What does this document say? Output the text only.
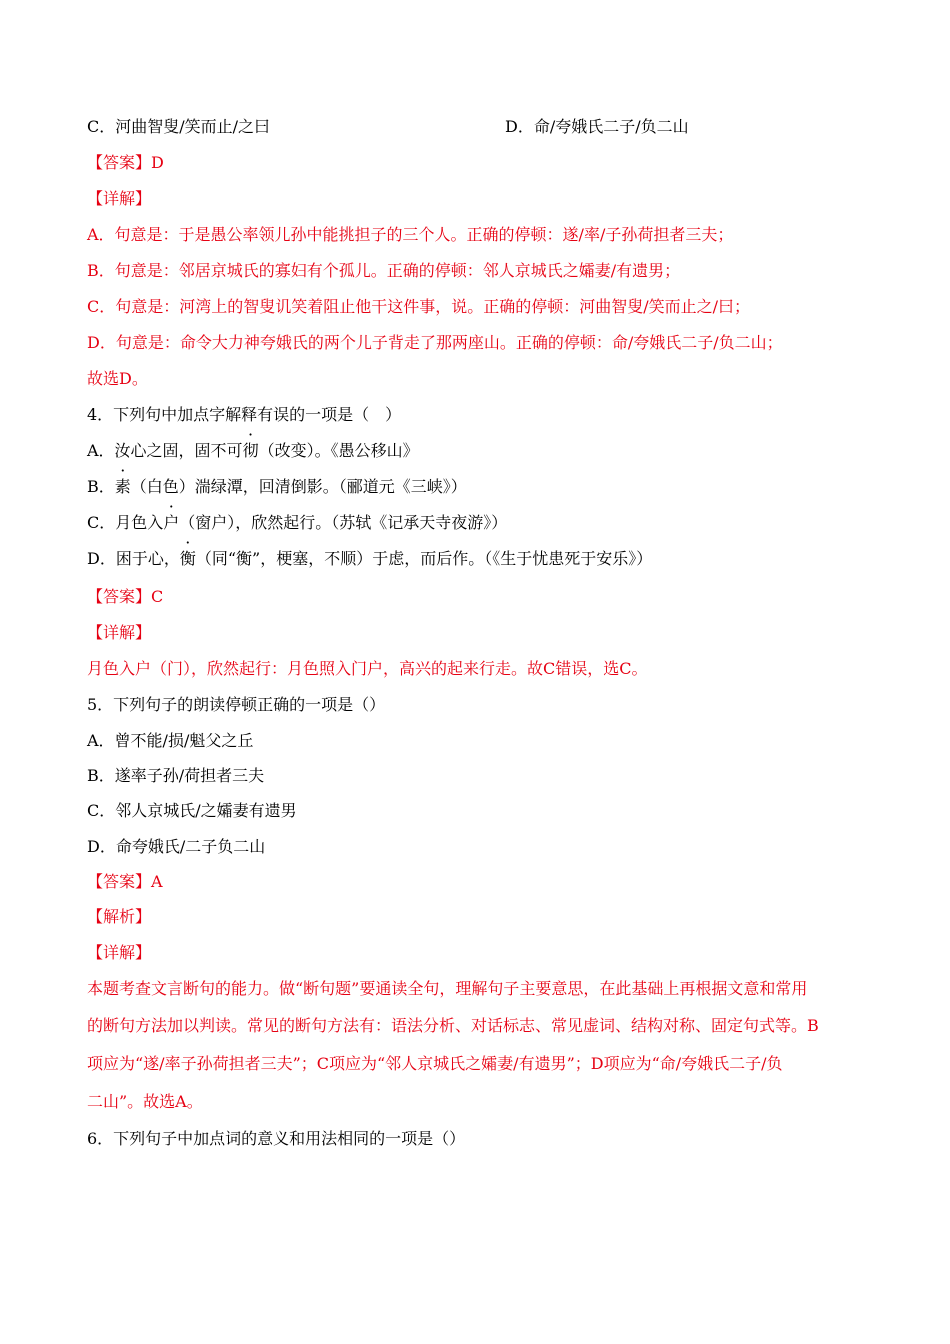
C．河曲智叟/笑而止/之曰	D．命/夸娥氏二子/负二山
【答案】D
【详解】
A．句意是：于是愚公率领儿孙中能挑担子的三个人。正确的停顿：遂/率/子孙荷担者三夫；
B．句意是：邻居京城氏的寡妇有个孤儿。正确的停顿：邻人京城氏之孀妻/有遗男；
C．句意是：河湾上的智叟讥笑着阻止他干这件事，说。正确的停顿：河曲智叟/笑而止之/曰；
D．句意是：命令大力神夸娥氏的两个儿子背走了那两座山。正确的停顿：命/夸娥氏二子/负二山；
故选D。
4．下列句中加点字解释有误的一项是（　）
A．汝心之固，固不可彻（改变）。《愚公移山》
B．素（白色）湍绿潭，回清倒影。（郦道元《三峡》）
C．月色入户（窗户），欣然起行。（苏轼《记承天寺夜游》）
D．困于心，衡（同“衡”，梗塞，不顺）于虑，而后作。（《生于忧患死于安乐》）
【答案】C
【详解】
月色入户（门），欣然起行：月色照入门户，高兴的起来行走。故C错误，选C。
5．下列句子的朗读停顿正确的一项是（）
A．曾不能/损/魁父之丘
B．遂率子孙/荷担者三夫
C．邻人京城氏/之孀妻有遗男
D．命夸娥氏/二子负二山
【答案】A
【解析】
【详解】
本题考查文言断句的能力。做“断句题”要通读全句，理解句子主要意思，在此基础上再根据文意和常用
的断句方法加以判读。常见的断句方法有：语法分析、对话标志、常见虚词、结构对称、固定句式等。B
项应为“遂/率子孙荷担者三夫”；C项应为“邻人京城氏之孀妻/有遗男”；D项应为“命/夸娥氏二子/负
二山”。故选A。
6．下列句子中加点词的意义和用法相同的一项是（）
